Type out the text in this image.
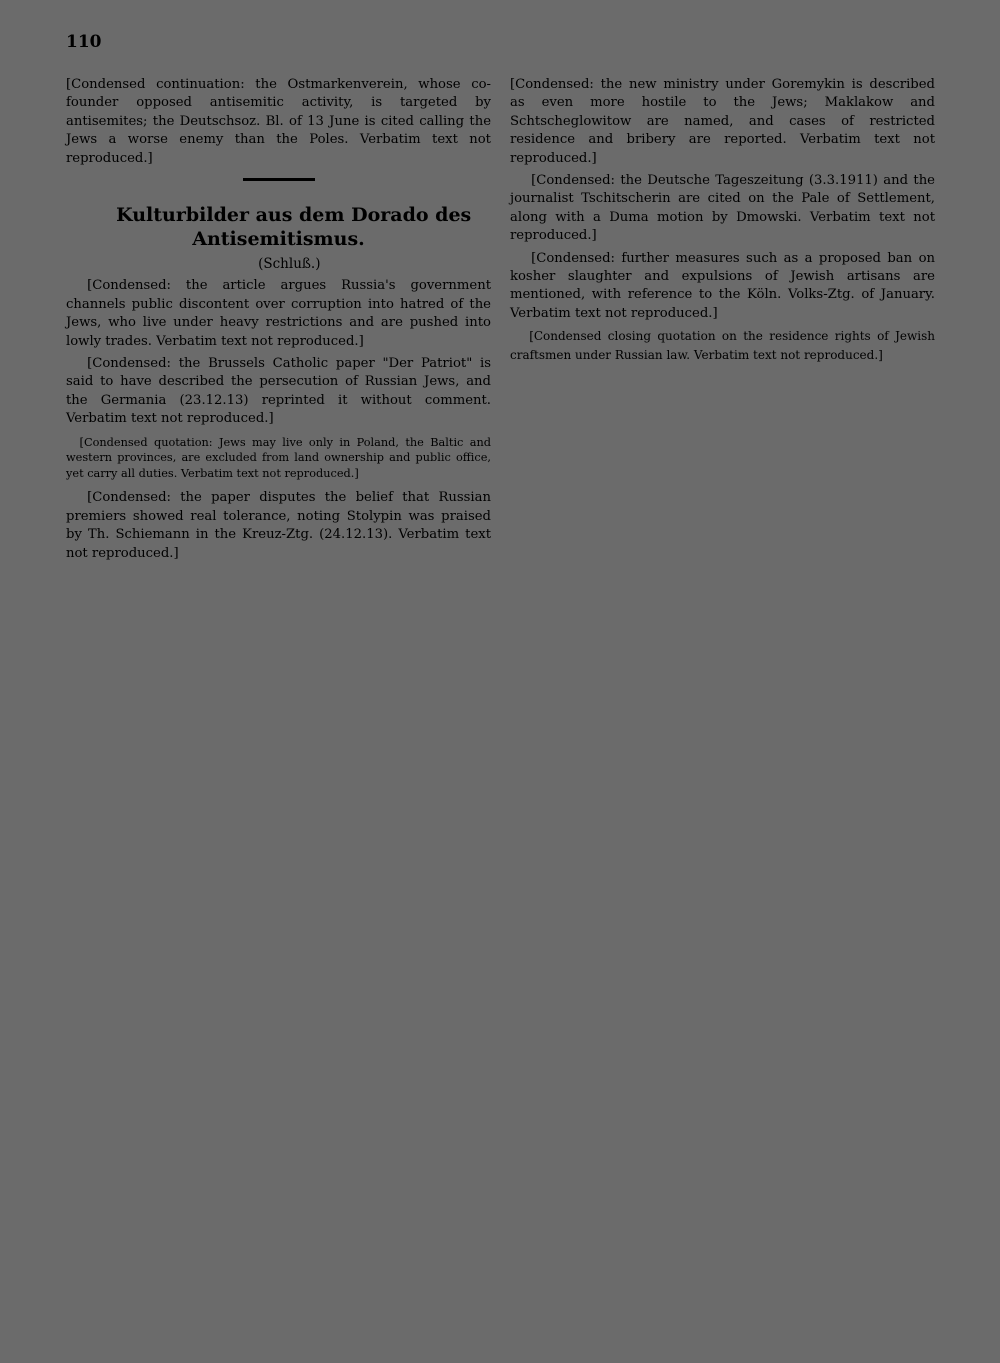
110

[Condensed continuation: the Ostmarkenverein, whose co-founder opposed antisemitic activity, is targeted by antisemites; the Deutschsoz. Bl. of 13 June is cited calling the Jews a worse enemy than the Poles. Verbatim text not reproduced.]

Kulturbilder aus dem Dorado des Antisemitismus.

(Schluß.)

[Condensed: the article argues Russia's government channels public discontent over corruption into hatred of the Jews, who live under heavy restrictions and are pushed into lowly trades. Verbatim text not reproduced.]

[Condensed: the Brussels Catholic paper "Der Patriot" is said to have described the persecution of Russian Jews, and the Germania (23.12.13) reprinted it without comment. Verbatim text not reproduced.]

[Condensed quotation: Jews may live only in Poland, the Baltic and western provinces, are excluded from land ownership and public office, yet carry all duties. Verbatim text not reproduced.]

[Condensed: the paper disputes the belief that Russian premiers showed real tolerance, noting Stolypin was praised by Th. Schiemann in the Kreuz-Ztg. (24.12.13). Verbatim text not reproduced.]

[Condensed: the new ministry under Goremykin is described as even more hostile to the Jews; Maklakow and Schtscheglowitow are named, and cases of restricted residence and bribery are reported. Verbatim text not reproduced.]

[Condensed: the Deutsche Tageszeitung (3.3.1911) and the journalist Tschitscherin are cited on the Pale of Settlement, along with a Duma motion by Dmowski. Verbatim text not reproduced.]

[Condensed: further measures such as a proposed ban on kosher slaughter and expulsions of Jewish artisans are mentioned, with reference to the Köln. Volks-Ztg. of January. Verbatim text not reproduced.]

[Condensed closing quotation on the residence rights of Jewish craftsmen under Russian law. Verbatim text not reproduced.]
